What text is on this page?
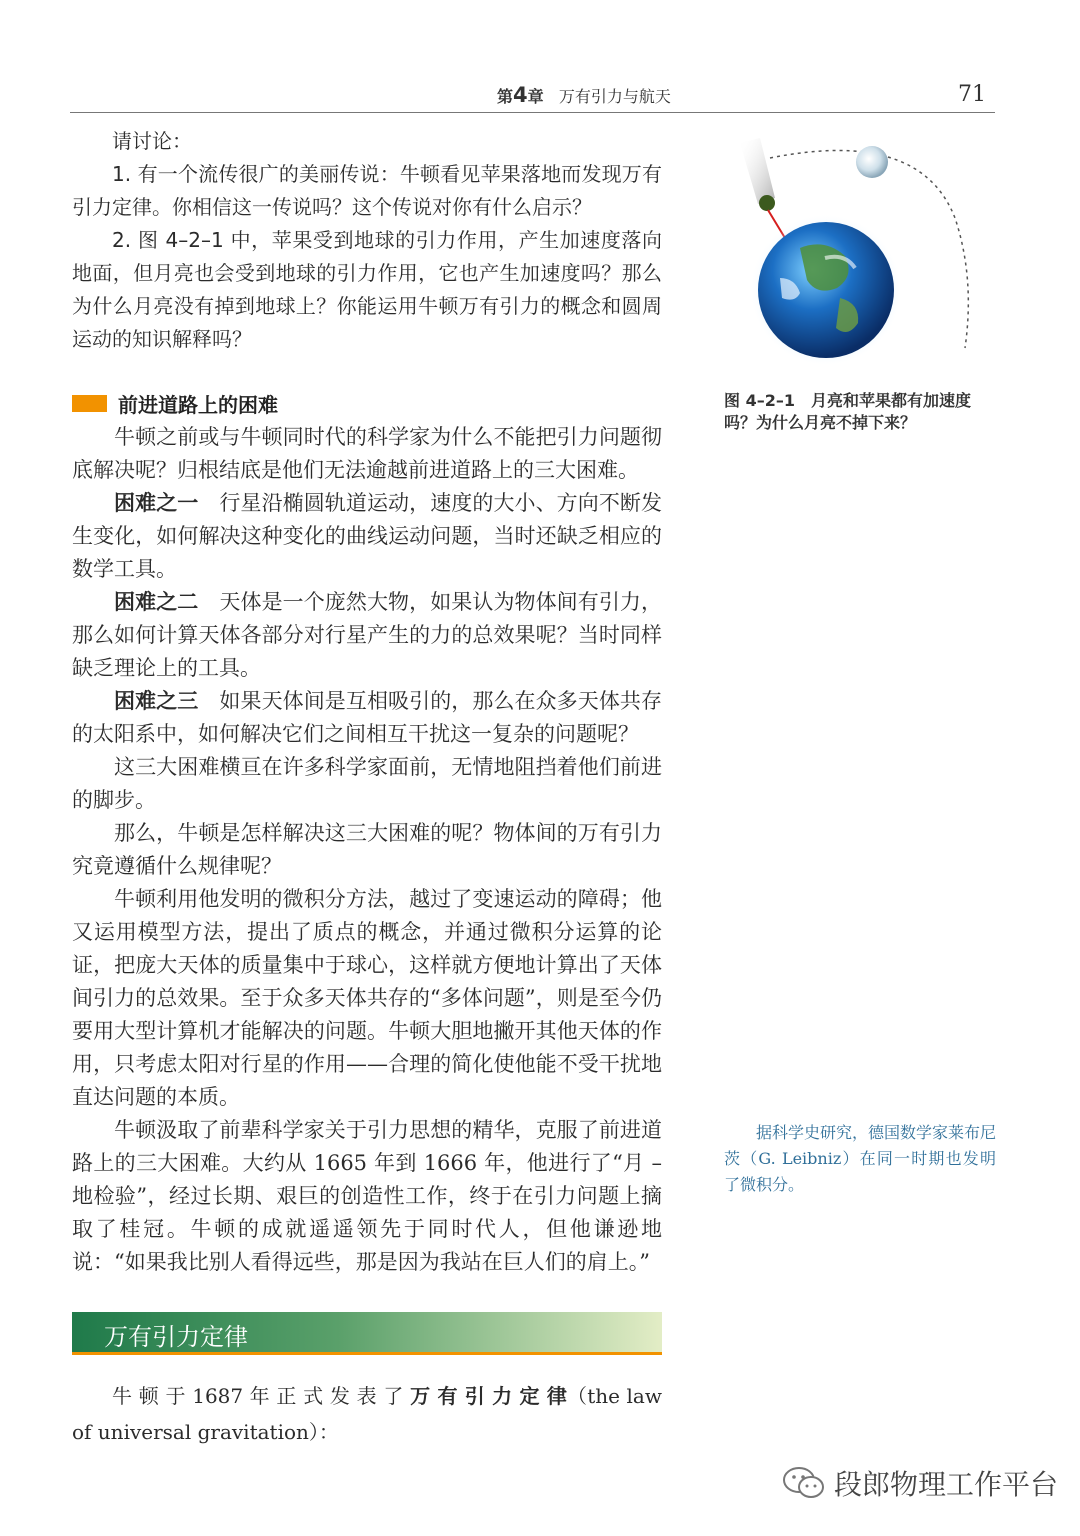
第4章 万有引力与航天	71

请讨论：

1. 有一个流传很广的美丽传说：牛顿看见苹果落地而发现万有引力定律。你相信这一传说吗？这个传说对你有什么启示？

2. 图 4–2–1 中，苹果受到地球的引力作用，产生加速度落向地面，但月亮也会受到地球的引力作用，它也产生加速度吗？那么为什么月亮没有掉到地球上？你能运用牛顿万有引力的概念和圆周运动的知识解释吗？

前进道路上的困难

牛顿之前或与牛顿同时代的科学家为什么不能把引力问题彻底解决呢？归根结底是他们无法逾越前进道路上的三大困难。

困难之一　行星沿椭圆轨道运动，速度的大小、方向不断发生变化，如何解决这种变化的曲线运动问题，当时还缺乏相应的数学工具。

困难之二　天体是一个庞然大物，如果认为物体间有引力，那么如何计算天体各部分对行星产生的力的总效果呢？当时同样缺乏理论上的工具。

困难之三　如果天体间是互相吸引的，那么在众多天体共存的太阳系中，如何解决它们之间相互干扰这一复杂的问题呢？

这三大困难横亘在许多科学家面前，无情地阻挡着他们前进的脚步。

那么，牛顿是怎样解决这三大困难的呢？物体间的万有引力究竟遵循什么规律呢？

牛顿利用他发明的微积分方法，越过了变速运动的障碍；他又运用模型方法，提出了质点的概念，并通过微积分运算的论证，把庞大天体的质量集中于球心，这样就方便地计算出了天体间引力的总效果。至于众多天体共存的“多体问题”，则是至今仍要用大型计算机才能解决的问题。牛顿大胆地撇开其他天体的作用，只考虑太阳对行星的作用——合理的简化使他能不受干扰地直达问题的本质。

牛顿汲取了前辈科学家关于引力思想的精华，克服了前进道路上的三大困难。大约从 1665 年到 1666 年，他进行了“月 – 地检验”，经过长期、艰巨的创造性工作，终于在引力问题上摘取了桂冠。牛顿的成就遥遥领先于同时代人，但他谦逊地说：“如果我比别人看得远些，那是因为我站在巨人们的肩上。”

万有引力定律

牛 顿 于 1687 年 正 式 发 表 了 万 有 引 力 定 律（the law of universal gravitation）：

图 4–2–1　月亮和苹果都有加速度吗？为什么月亮不掉下来？
据科学史研究，德国数学家莱布尼茨（G. Leibniz）在同一时期也发明了微积分。
段郎物理工作平台
